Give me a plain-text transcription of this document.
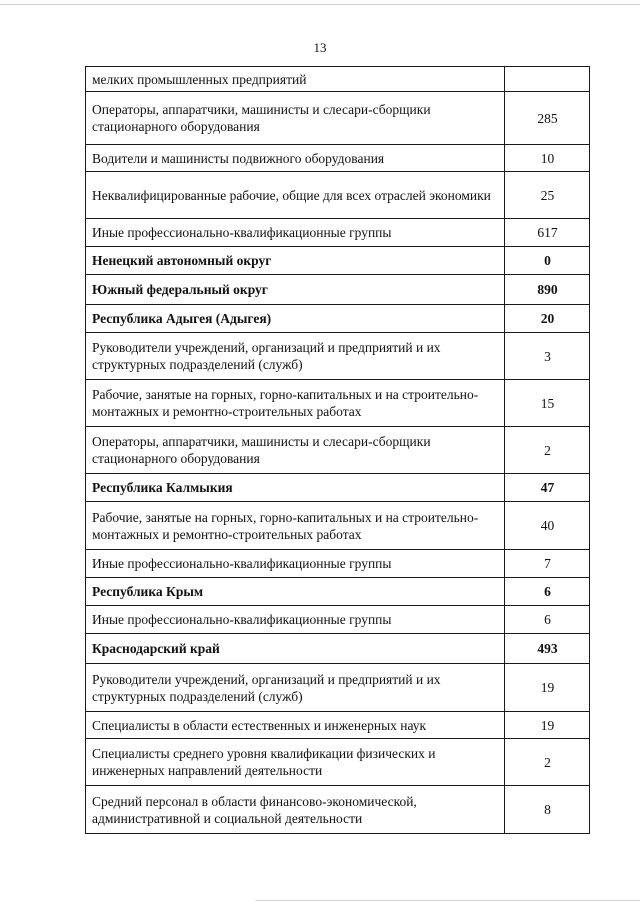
13
мелких промышленных предприятий	
Операторы, аппаратчики, машинисты и слесари-сборщики стационарного оборудования	285
Водители и машинисты подвижного оборудования	10
Неквалифицированные рабочие, общие для всех отраслей экономики	25
Иные профессионально-квалификационные группы	617
Ненецкий автономный округ	0
Южный федеральный округ	890
Республика Адыгея (Адыгея)	20
Руководители учреждений, организаций и предприятий и их структурных подразделений (служб)	3
Рабочие, занятые на горных, горно-капитальных и на строительно-монтажных и ремонтно-строительных работах	15
Операторы, аппаратчики, машинисты и слесари-сборщики стационарного оборудования	2
Республика Калмыкия	47
Рабочие, занятые на горных, горно-капитальных и на строительно-монтажных и ремонтно-строительных работах	40
Иные профессионально-квалификационные группы	7
Республика Крым	6
Иные профессионально-квалификационные группы	6
Краснодарский край	493
Руководители учреждений, организаций и предприятий и их структурных подразделений (служб)	19
Специалисты в области естественных и инженерных наук	19
Специалисты среднего уровня квалификации физических и инженерных направлений деятельности	2
Средний персонал в области финансово-экономической, административной и социальной деятельности	8
